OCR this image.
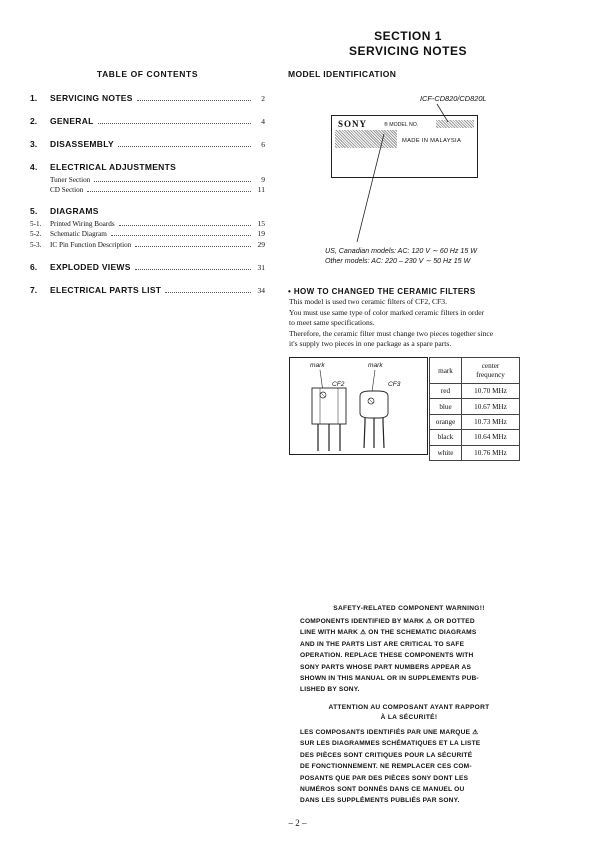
SECTION 1
SERVICING NOTES
TABLE OF CONTENTS
1.	SERVICING NOTES	2
2.	GENERAL	4
3.	DISASSEMBLY	6
4. ELECTRICAL ADJUSTMENTS
Tuner Section	9
CD Section	11
5. DIAGRAMS
5-1.	Printed Wiring Boards	15
5-2.	Schematic Diagram	19
5-3.	IC Pin Function Description	29
6.	EXPLODED VIEWS	31
7.	ELECTRICAL PARTS LIST	34
MODEL IDENTIFICATION
ICF-CD820/CD820L
SONY	® MODEL NO.
MADE IN MALAYSIA
US, Canadian models: AC: 120 V ∼ 60 Hz 15 W
Other models: AC: 220 – 230 V ∼ 50 Hz 15 W
• HOW TO CHANGED THE CERAMIC FILTERS
This model is used two ceramic filters of CF2, CF3.
You must use same type of color marked ceramic filters in order
to meet same specifications.
Therefore, the ceramic filter must change two pieces together since
it's supply two pieces in one package as a spare parts.
mark	mark
CF2	CF3
mark	center
frequency

red	10.70 MHz
blue	10.67 MHz
orange	10.73 MHz
black	10.64 MHz
white	10.76 MHz
SAFETY-RELATED COMPONENT WARNING!!
COMPONENTS IDENTIFIED BY MARK ⚠ OR DOTTED
LINE WITH MARK ⚠ ON THE SCHEMATIC DIAGRAMS
AND IN THE PARTS LIST ARE CRITICAL TO SAFE
OPERATION. REPLACE THESE COMPONENTS WITH
SONY PARTS WHOSE PART NUMBERS APPEAR AS
SHOWN IN THIS MANUAL OR IN SUPPLEMENTS PUB-
LISHED BY SONY.
ATTENTION AU COMPOSANT AYANT RAPPORT
À LA SÉCURITÉ!
LES COMPOSANTS IDENTIFIÉS PAR UNE MARQUE ⚠
SUR LES DIAGRAMMES SCHÉMATIQUES ET LA LISTE
DES PIÈCES SONT CRITIQUES POUR LA SÉCURITÉ
DE FONCTIONNEMENT. NE REMPLACER CES COM-
POSANTS QUE PAR DES PIÈCES SONY DONT LES
NUMÉROS SONT DONNÉS DANS CE MANUEL OU
DANS LES SUPPLÉMENTS PUBLIÉS PAR SONY.
– 2 –
